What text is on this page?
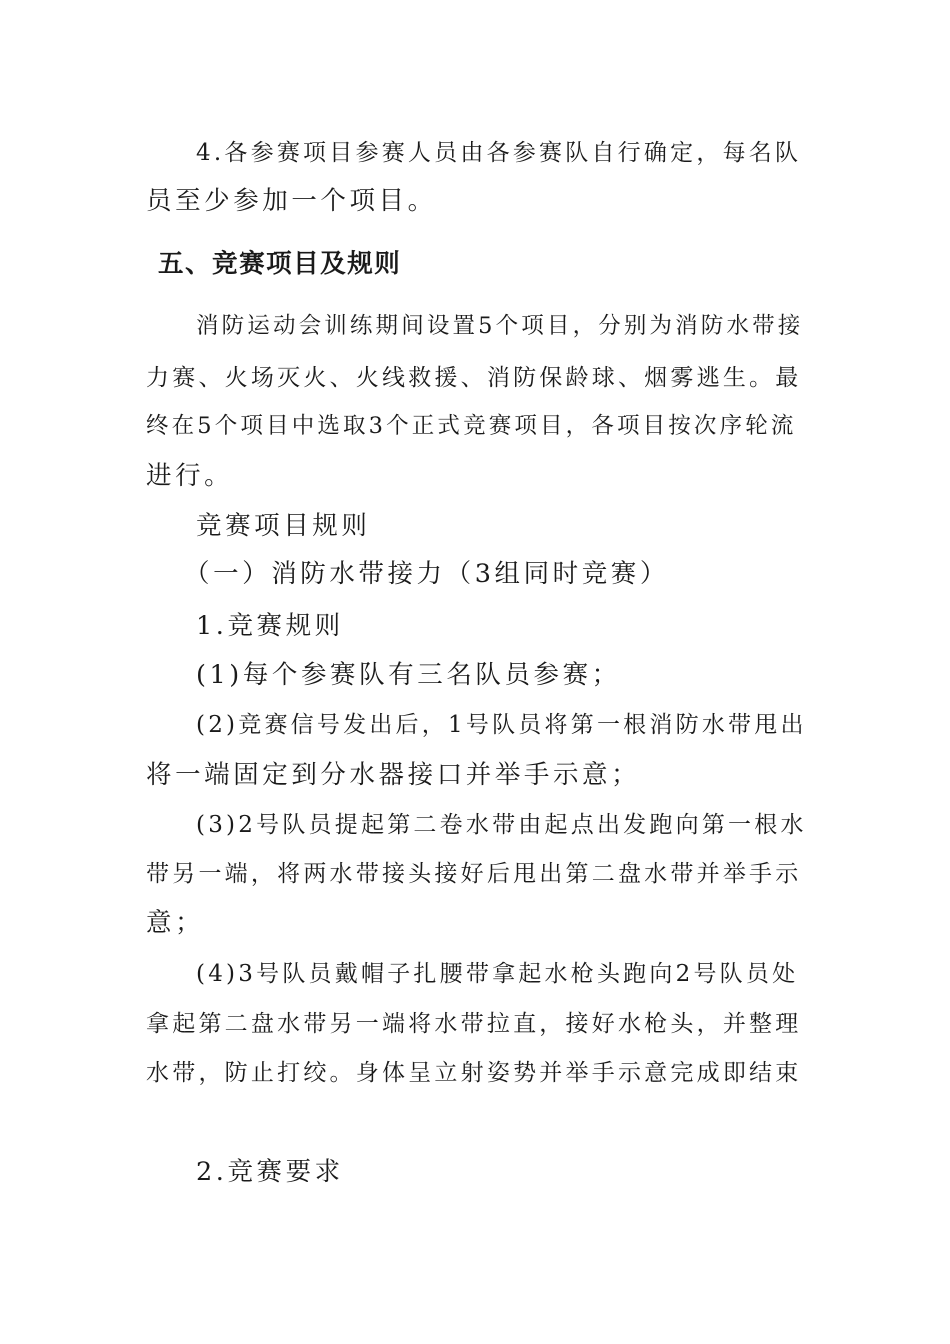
4.各参赛项目参赛人员由各参赛队自行确定，每名队
员至少参加一个项目。
五、竞赛项目及规则
消防运动会训练期间设置5个项目，分别为消防水带接
力赛、火场灭火、火线救援、消防保龄球、烟雾逃生。最
终在5个项目中选取3个正式竞赛项目，各项目按次序轮流
进行。
竞赛项目规则
（一）消防水带接力（3组同时竞赛）
1.竞赛规则
(1)每个参赛队有三名队员参赛；
(2)竞赛信号发出后，1号队员将第一根消防水带甩出
将一端固定到分水器接口并举手示意；
(3)2号队员提起第二卷水带由起点出发跑向第一根水
带另一端，将两水带接头接好后甩出第二盘水带并举手示
意；
(4)3号队员戴帽子扎腰带拿起水枪头跑向2号队员处
拿起第二盘水带另一端将水带拉直，接好水枪头，并整理
水带，防止打绞。身体呈立射姿势并举手示意完成即结束
2.竞赛要求
